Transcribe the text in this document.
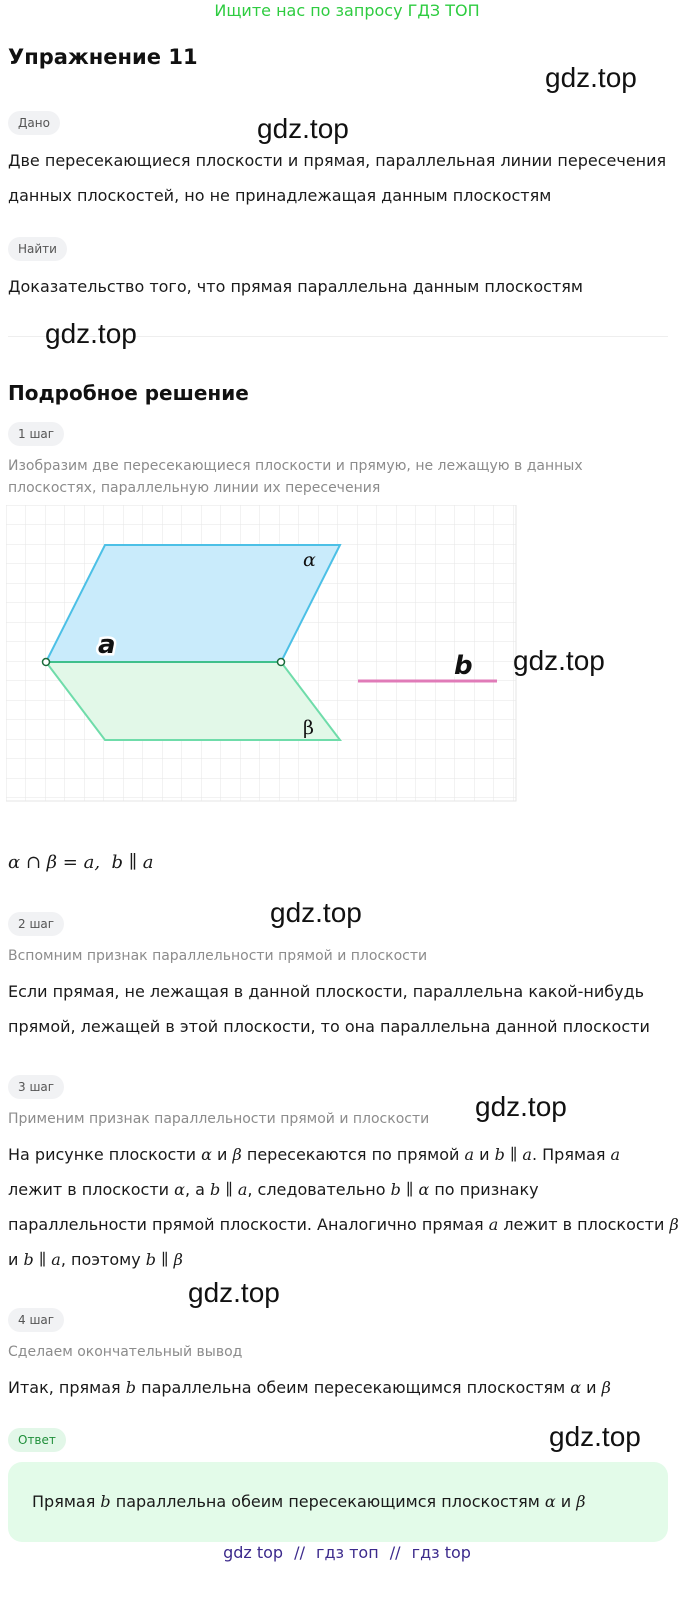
Ищите нас по запросу ГДЗ ТОП
Упражнение 11
gdz.top
Дано	gdz.top
Две пересекающиеся плоскости и прямая, параллельная линии пересечения
данных плоскостей, но не принадлежащая данным плоскостям
Найти
Доказательство того, что прямая параллельна данным плоскостям
gdz.top
Подробное решение
1 шаг
Изобразим две пересекающиеся плоскости и прямую, не лежащую в данных
плоскостях, параллельную линии их пересечения
α
β
a
b gdz.top
α ∩ β = a,  b ∥ a
2 шаг	gdz.top
Вспомним признак параллельности прямой и плоскости
Если прямая, не лежащая в данной плоскости, параллельна какой-нибудь
прямой, лежащей в этой плоскости, то она параллельна данной плоскости
3 шаг
gdz.top
Применим признак параллельности прямой и плоскости
На рисунке плоскости α и β пересекаются по прямой a и b ∥ a. Прямая a
лежит в плоскости α, а b ∥ a, следовательно b ∥ α по признаку
параллельности прямой плоскости. Аналогично прямая a лежит в плоскости β
и b ∥ a, поэтому b ∥ β
gdz.top
4 шаг
Сделаем окончательный вывод
Итак, прямая b параллельна обеим пересекающимся плоскостям α и β
Ответ	gdz.top
Прямая b параллельна обеим пересекающимся плоскостям α и β
gdz top // гдз топ // гдз top
